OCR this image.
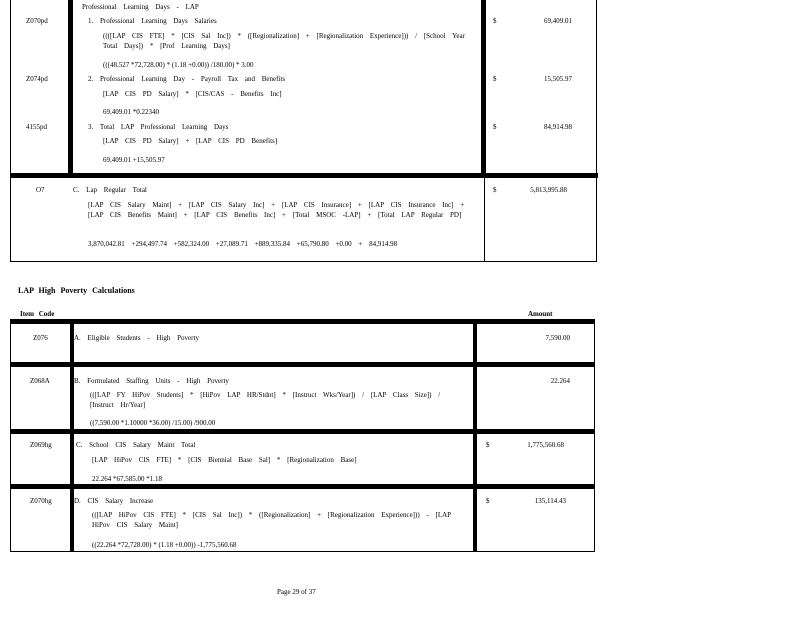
Professional Learning Days - LAP
Z070pd	1. Professional Learning Days Salaries
((([LAP CIS FTE] * [CIS Sal Inc]) * ([Regionalization] + [Regionalization Experience])) / [School Year Total Days]) * [Prof Learning Days]
(((48.527 *72,728.00) * (1.18 +0.00)) /180.00) * 3.00
$	69,409.01
Z074pd	2. Professional Learning Day - Payroll Tax and Benefits
[LAP CIS PD Salary] * [CIS/CAS - Benefits Inc]
69,409.01 *0.22340
$	15,505.97
4155pd	3. Total LAP Professional Learning Days
[LAP CIS PD Salary] + [LAP CIS PD Benefits]
69,409.01 +15,505.97
$	84,914.98
O7	C. Lap Regular Total
[LAP CIS Salary Maint] + [LAP CIS Salary Inc] + [LAP CIS Insurance] + [LAP CIS Insurance Inc] + [LAP CIS Benefits Maint] + [LAP CIS Benefits Inc] + [Total MSOC -LAP] + [Total LAP Regular PD]
3,870,042.81 +294,497.74 +582,324.00 +27,089.71 +889,335.84 +65,790.80 +0.00 + 84,914.98
$	5,813,995.88
LAP High Poverty Calculations
Item Code	Amount
Z076	A. Eligible Students - High Poverty	7,590.00
Z068A	B. Formulated Staffing Units - High Poverty
(([LAP FY HiPov Students] * [HiPov LAP HR/Stdnt] * [Instruct Wks/Year]) / [LAP Class Size]) / [Instruct Hr/Year]
((7,590.00 *1.10000 *36.00) /15.00) /900.00
22.264
Z069hg	C. School CIS Salary Maint Total
[LAP HiPov CIS FTE] * [CIS Biennial Base Sal] * [Regionalization Base]
22.264 *67,585.00 *1.18
$	1,775,560.68
Z070hg	D. CIS Salary Increase
(([LAP HiPov CIS FTE] * [CIS Sal Inc]) * ([Regionalization] + [Regionalization Experience])) - [LAP HiPov CIS Salary Maint]
((22.264 *72,728.00) * (1.18 +0.00)) -1,775,560.68
$	135,114.43
Page 29 of 37
